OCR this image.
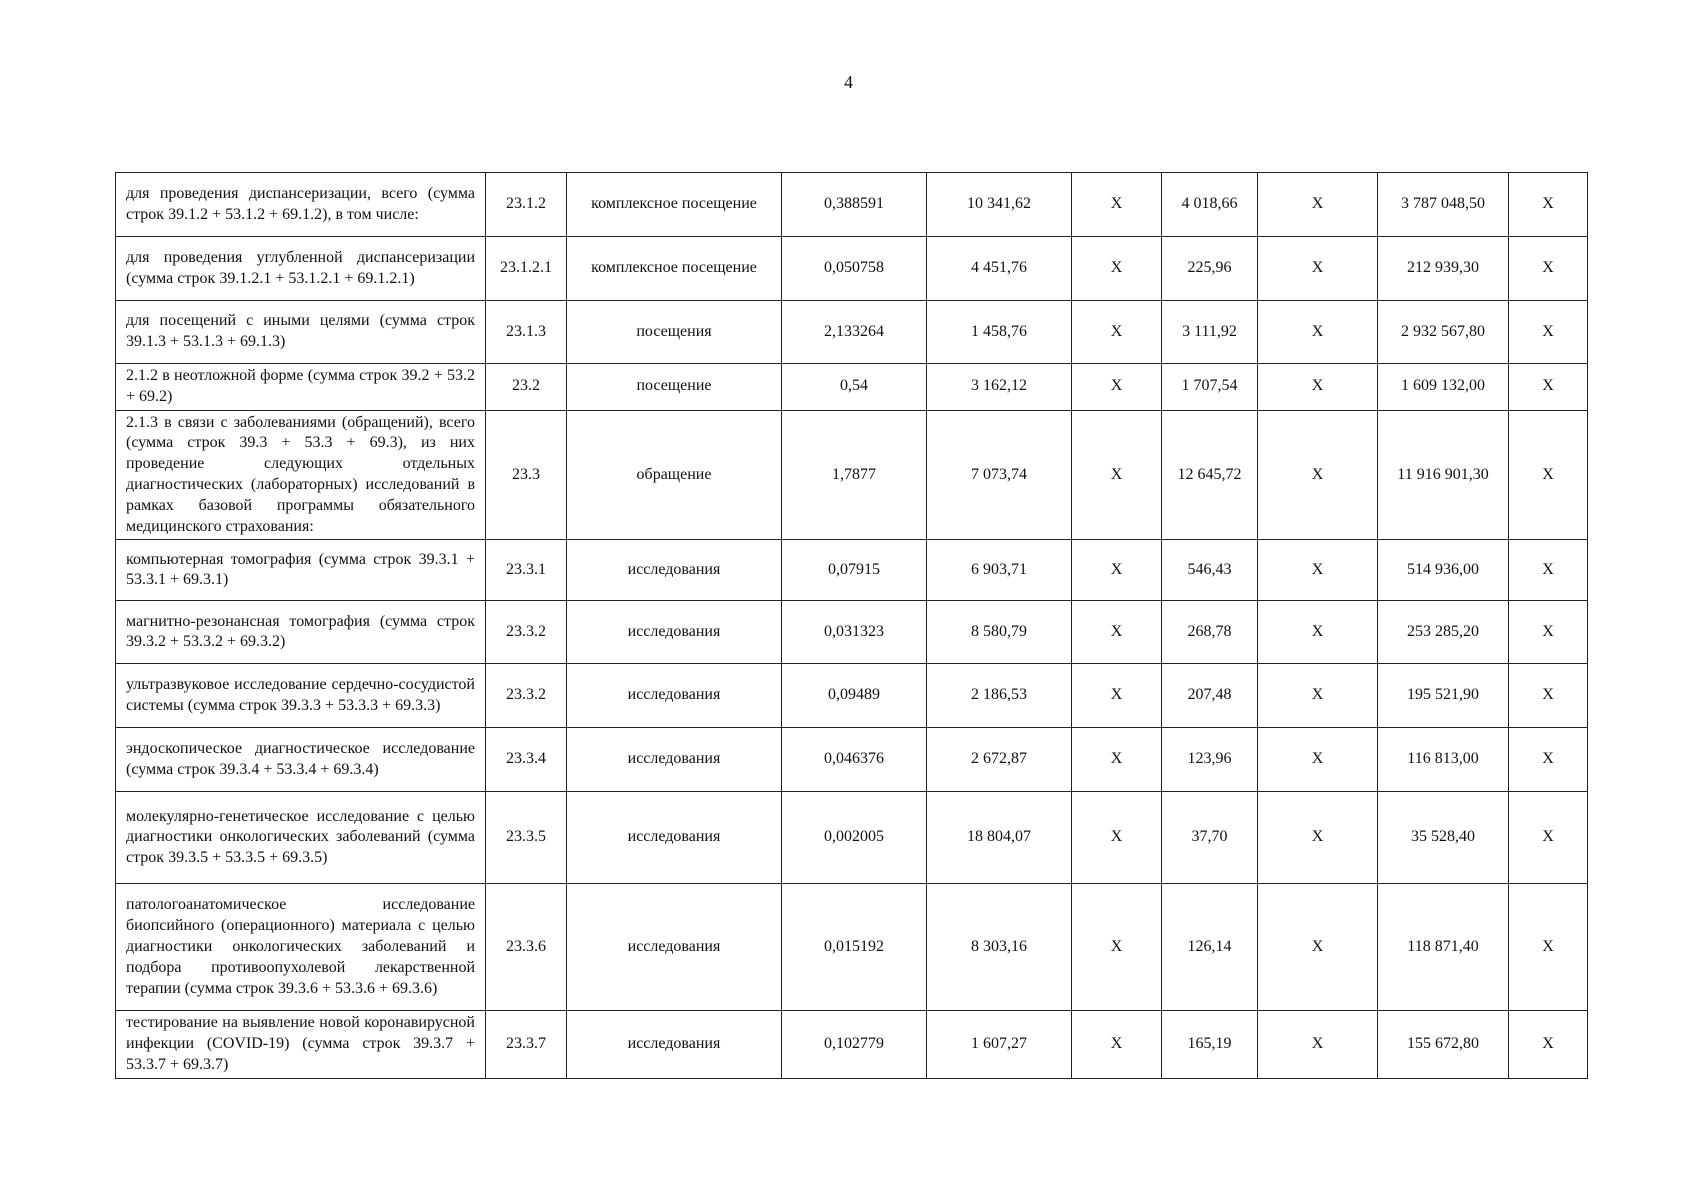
4
для проведения диспансеризации, всего (сумма строк 39.1.2 + 53.1.2 + 69.1.2), в том числе:	23.1.2	комплексное посещение	0,388591	10 341,62	X	4 018,66	X	3 787 048,50	X
для проведения углубленной диспансеризации (сумма строк 39.1.2.1 + 53.1.2.1 + 69.1.2.1)	23.1.2.1	комплексное посещение	0,050758	4 451,76	X	225,96	X	212 939,30	X
для посещений с иными целями (сумма строк 39.1.3 + 53.1.3 + 69.1.3)	23.1.3	посещения	2,133264	1 458,76	X	3 111,92	X	2 932 567,80	X
2.1.2 в неотложной форме (сумма строк 39.2 + 53.2 + 69.2)	23.2	посещение	0,54	3 162,12	X	1 707,54	X	1 609 132,00	X
2.1.3 в связи с заболеваниями (обращений), всего (сумма строк 39.3 + 53.3 + 69.3), из них проведение следующих отдельных диагностических (лабораторных) исследований в рамках базовой программы обязательного медицинского страхования:	23.3	обращение	1,7877	7 073,74	X	12 645,72	X	11 916 901,30	X
компьютерная томография (сумма строк 39.3.1 + 53.3.1 + 69.3.1)	23.3.1	исследования	0,07915	6 903,71	X	546,43	X	514 936,00	X
магнитно-резонансная томография (сумма строк 39.3.2 + 53.3.2 + 69.3.2)	23.3.2	исследования	0,031323	8 580,79	X	268,78	X	253 285,20	X
ультразвуковое исследование сердечно-сосудистой системы (сумма строк 39.3.3 + 53.3.3 + 69.3.3)	23.3.2	исследования	0,09489	2 186,53	X	207,48	X	195 521,90	X
эндоскопическое диагностическое исследование (сумма строк 39.3.4 + 53.3.4 + 69.3.4)	23.3.4	исследования	0,046376	2 672,87	X	123,96	X	116 813,00	X
молекулярно-генетическое исследование с целью диагностики онкологических заболеваний (сумма строк 39.3.5 + 53.3.5 + 69.3.5)	23.3.5	исследования	0,002005	18 804,07	X	37,70	X	35 528,40	X
патологоанатомическое исследование биопсийного (операционного) материала с целью диагностики онкологических заболеваний и подбора противоопухолевой лекарственной терапии (сумма строк 39.3.6 + 53.3.6 + 69.3.6)	23.3.6	исследования	0,015192	8 303,16	X	126,14	X	118 871,40	X
тестирование на выявление новой коронавирусной инфекции (COVID-19) (сумма строк 39.3.7 + 53.3.7 + 69.3.7)	23.3.7	исследования	0,102779	1 607,27	X	165,19	X	155 672,80	X
